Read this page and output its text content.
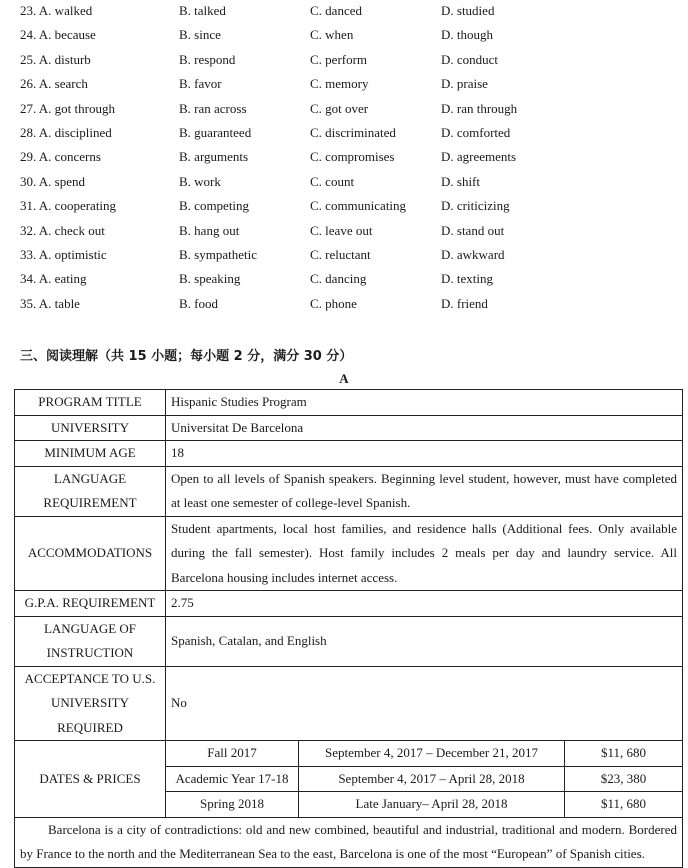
23. A. walked	B. talked	C. danced	D. studied
24. A. because	B. since	C. when	D. though
25. A. disturb	B. respond	C. perform	D. conduct
26. A. search	B. favor	C. memory	D. praise
27. A. got through	B. ran across	C. got over	D. ran through
28. A. disciplined	B. guaranteed	C. discriminated	D. comforted
29. A. concerns	B. arguments	C. compromises	D. agreements
30. A. spend	B. work	C. count	D. shift
31. A. cooperating	B. competing	C. communicating	D. criticizing
32. A. check out	B. hang out	C. leave out	D. stand out
33. A. optimistic	B. sympathetic	C. reluctant	D. awkward
34. A. eating	B. speaking	C. dancing	D. texting
35. A. table	B. food	C. phone	D. friend
三、阅读理解（共 15 小题；每小题 2 分，满分 30 分）
A
PROGRAM TITLE	Hispanic Studies Program		
UNIVERSITY	Universitat De Barcelona		
MINIMUM AGE	18		

LANGUAGE
REQUIREMENT	Open to all levels of Spanish speakers. Beginning level student, however, must have completed at least one semester of college-level Spanish.		
ACCOMMODATIONS	Student apartments, local host families, and residence halls (Additional fees. Only available during the fall semester). Host family includes 2 meals per day and laundry service. All Barcelona housing includes internet access.		
G.P.A. REQUIREMENT	2.75		

LANGUAGE OF
INSTRUCTION	Spanish, Catalan, and English		

ACCEPTANCE TO U.S.
UNIVERSITY
REQUIRED	No		
DATES & PRICES	Fall 2017	September 4, 2017 – December 21, 2017	$11, 680
	Academic Year 17-18	September 4, 2017 – April 28, 2018	$23, 380
	Spring 2018	Late January– April 28, 2018	$11, 680
Barcelona is a city of contradictions: old and new combined, beautiful and industrial, traditional and modern. Bordered by France to the north and the Mediterranean Sea to the east, Barcelona is one of the most “European” of Spanish cities.			
